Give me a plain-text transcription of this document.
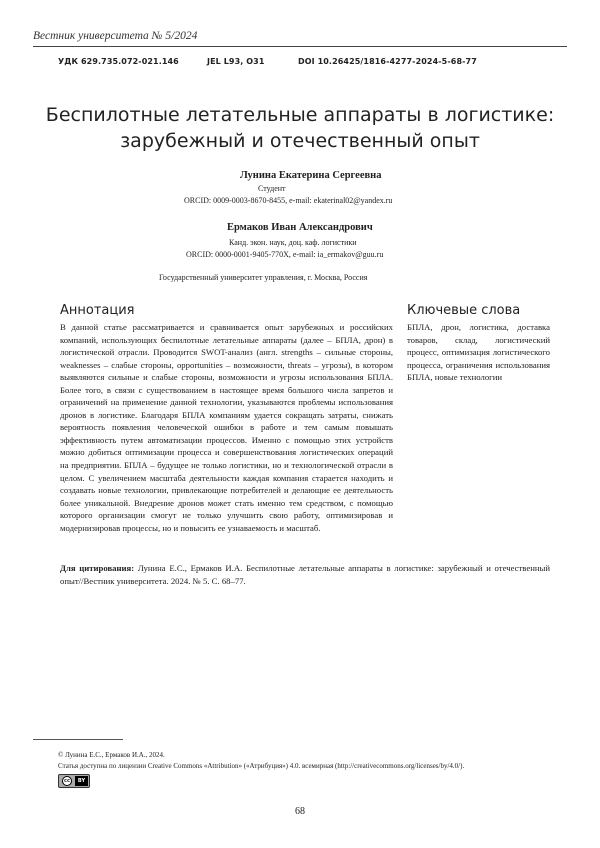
Вестник университета № 5/2024
УДК 629.735.072-021.146	JEL L93, O31	DOI 10.26425/1816-4277-2024-5-68-77
Беспилотные летательные аппараты в логистике:
зарубежный и отечественный опыт
Лунина Екатерина Сергеевна
Студент
ORCID: 0009-0003-8670-8455, e-mail: ekaterinal02@yandex.ru
Ермаков Иван Александрович
Канд. экон. наук, доц. каф. логистики
ORCID: 0000-0001-9405-770X, e-mail: ia_ermakov@guu.ru
Государственный университет управления, г. Москва, Россия
Аннотация	Ключевые слова
В данной статье рассматривается и сравнивается опыт зарубежных и российских компаний, использующих беспилотные летательные аппараты (далее – БПЛА, дрон) в логистической отрасли. Проводится SWOT-анализ (англ. strengths – сильные стороны, weaknesses – слабые стороны, opportunities – возможности, threats – угрозы), в котором выявляются сильные и слабые стороны, возможности и угрозы использования БПЛА. Более того, в связи с существованием в настоящее время большого числа запретов и ограничений на применение данной технологии, указываются проблемы использования дронов в логистике. Благодаря БПЛА компаниям удается сокращать затраты, снижать вероятность появления человеческой ошибки в работе и тем самым повышать эффективность путем автоматизации процессов. Именно с помощью этих устройств можно добиться оптимизации процесса и совершенствования логистических операций на предприятии. БПЛА – будущее не только логистики, но и технологической отрасли в целом. С увеличением масштаба деятельности каждая компания старается находить и создавать новые технологии, привлекающие потребителей и делающие ее деятельность более уникальной. Внедрение дронов может стать именно тем средством, с помощью которого организации смогут не только улучшить свою работу, оптимизировав и модернизировав процессы, но и повысить ее узнаваемость и масштаб.
БПЛА, дрон, логистика, доставка товаров, склад, логистический процесс, оптимизация логистического процесса, ограничения использования БПЛА, новые технологии
Для цитирования: Лунина Е.С., Ермаков И.А. Беспилотные летательные аппараты в логистике: зарубежный и отечественный опыт//Вестник университета. 2024. № 5. С. 68–77.
© Лунина Е.С., Ермаков И.А., 2024.
Статья доступна по лицензии Creative Commons «Attribution» («Атрибуция») 4.0. всемирная (http://creativecommons.org/licenses/by/4.0/).
cc	BY
68
